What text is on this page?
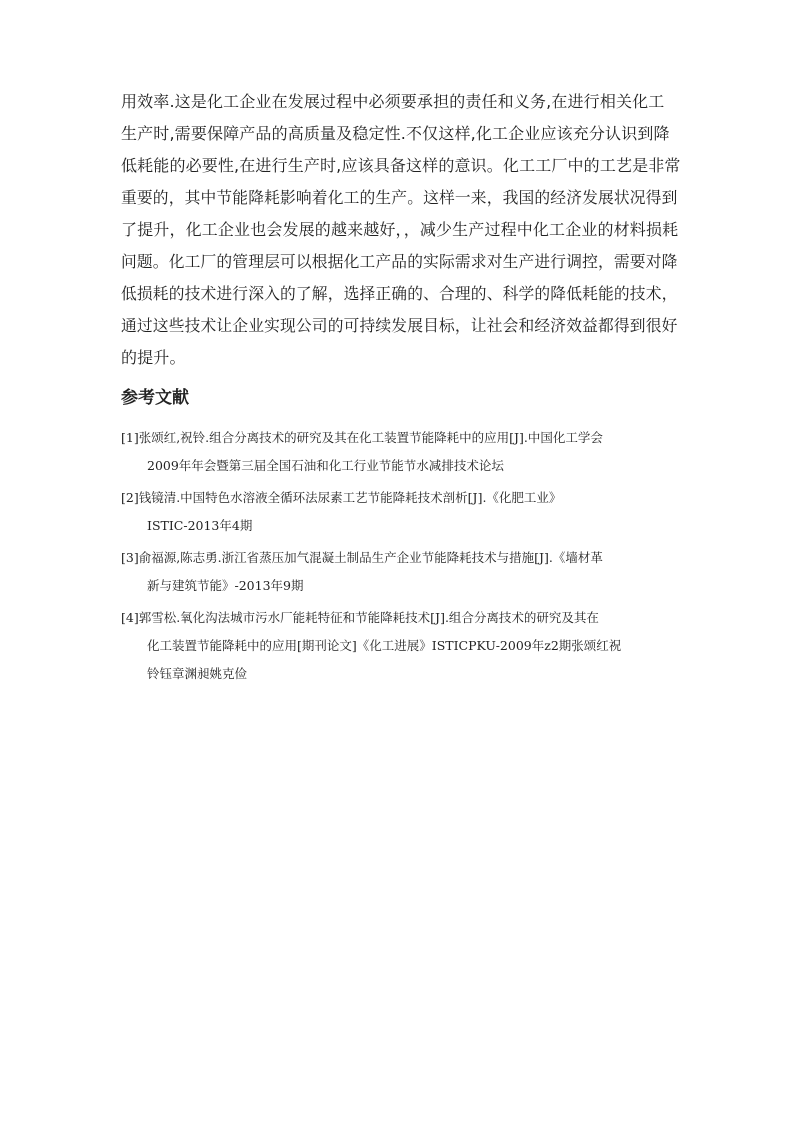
用效率.这是化工企业在发展过程中必须要承担的责任和义务,在进行相关化工
生产时,需要保障产品的高质量及稳定性.不仅这样,化工企业应该充分认识到降
低耗能的必要性,在进行生产时,应该具备这样的意识。化工工厂中的工艺是非常
重要的，其中节能降耗影响着化工的生产。这样一来，我国的经济发展状况得到
了提升，化工企业也会发展的越来越好，，减少生产过程中化工企业的材料损耗
问题。化工厂的管理层可以根据化工产品的实际需求对生产进行调控，需要对降
低损耗的技术进行深入的了解，选择正确的、合理的、科学的降低耗能的技术，
通过这些技术让企业实现公司的可持续发展目标，让社会和经济效益都得到很好
的提升。
参考文献
[1]张颂红,祝铃.组合分离技术的研究及其在化工装置节能降耗中的应用[J].中国化工学会
2009年年会暨第三届全国石油和化工行业节能节水减排技术论坛
[2]钱镜清.中国特色水溶液全循环法尿素工艺节能降耗技术剖析[J].《化肥工业》
ISTIC-2013年4期
[3]俞福源,陈志勇.浙江省蒸压加气混凝土制品生产企业节能降耗技术与措施[J].《墙材革
新与建筑节能》-2013年9期
[4]郭雪松.氧化沟法城市污水厂能耗特征和节能降耗技术[J].组合分离技术的研究及其在
化工装置节能降耗中的应用[期刊论文]《化工进展》ISTICPKU-2009年z2期张颂红祝
铃钰章渊昶姚克俭
